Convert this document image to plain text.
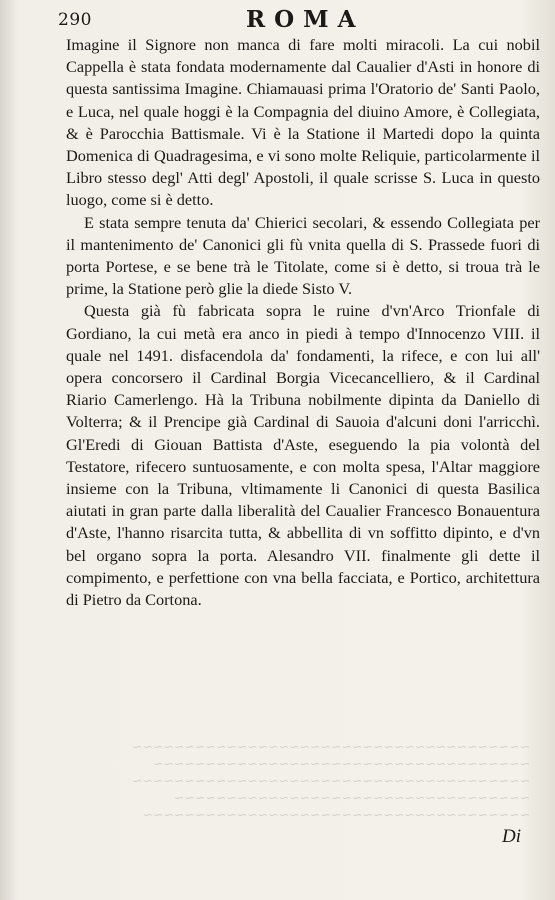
~~~~~~~~~~~~~~~~~~~~~~~~~~~~~~~~~~~~~~
~~~~~~~~~~~~~~~~~~~~~~~~~~~~~~~~~~~~
~~~~~~~~~~~~~~~~~~~~~~~~~~~~~~~~~~~~~~
~~~~~~~~~~~~~~~~~~~~~~~~~~~~~~~~~~
~~~~~~~~~~~~~~~~~~~~~~~~~~~~~~~~~~~~~
290	ROMA

Imagine il Signore non manca di fare molti miracoli. La cui nobil Cappella è stata fondata modernamente dal Caualier d'Asti in honore di questa santissima Imagine. Chiamauasi prima l'Oratorio de' Santi Paolo, e Luca, nel quale hoggi è la Compagnia del diuino Amore, è Collegiata, & è Parocchia Battismale. Vi è la Statione il Martedi dopo la quinta Domenica di Quadragesima, e vi sono molte Reliquie, particolarmente il Libro stesso degl' Atti degl' Apostoli, il quale scrisse S. Luca in questo luogo, come si è detto.

E stata sempre tenuta da' Chierici secolari, & essendo Collegiata per il mantenimento de' Canonici gli fù vnita quella di S. Prassede fuori di porta Portese, e se bene trà le Titolate, come si è detto, si troua trà le prime, la Statione però glie la diede Sisto V.

Questa già fù fabricata sopra le ruine d'vn'Arco Trionfale di Gordiano, la cui metà era anco in piedi à tempo d'Innocenzo VIII. il quale nel 1491. disfacendola da' fondamenti, la rifece, e con lui all' opera concorsero il Cardinal Borgia Vicecancelliero, & il Cardinal Riario Camerlengo. Hà la Tribuna nobilmente dipinta da Daniello di Volterra; & il Prencipe già Cardinal di Sauoia d'alcuni doni l'arricchì. Gl'Eredi di Giouan Battista d'Aste, eseguendo la pia volontà del Testatore, rifecero suntuosamente, e con molta spesa, l'Altar maggiore insieme con la Tribuna, vltimamente li Canonici di questa Basilica aiutati in gran parte dalla liberalità del Caualier Francesco Bonauentura d'Aste, l'hanno risarcita tutta, & abbellita di vn soffitto dipinto, e d'vn bel organo sopra la porta. Alesandro VII. finalmente gli dette il compimento, e perfettione con vna bella facciata, e Portico, architettura di Pietro da Cortona.

Di
